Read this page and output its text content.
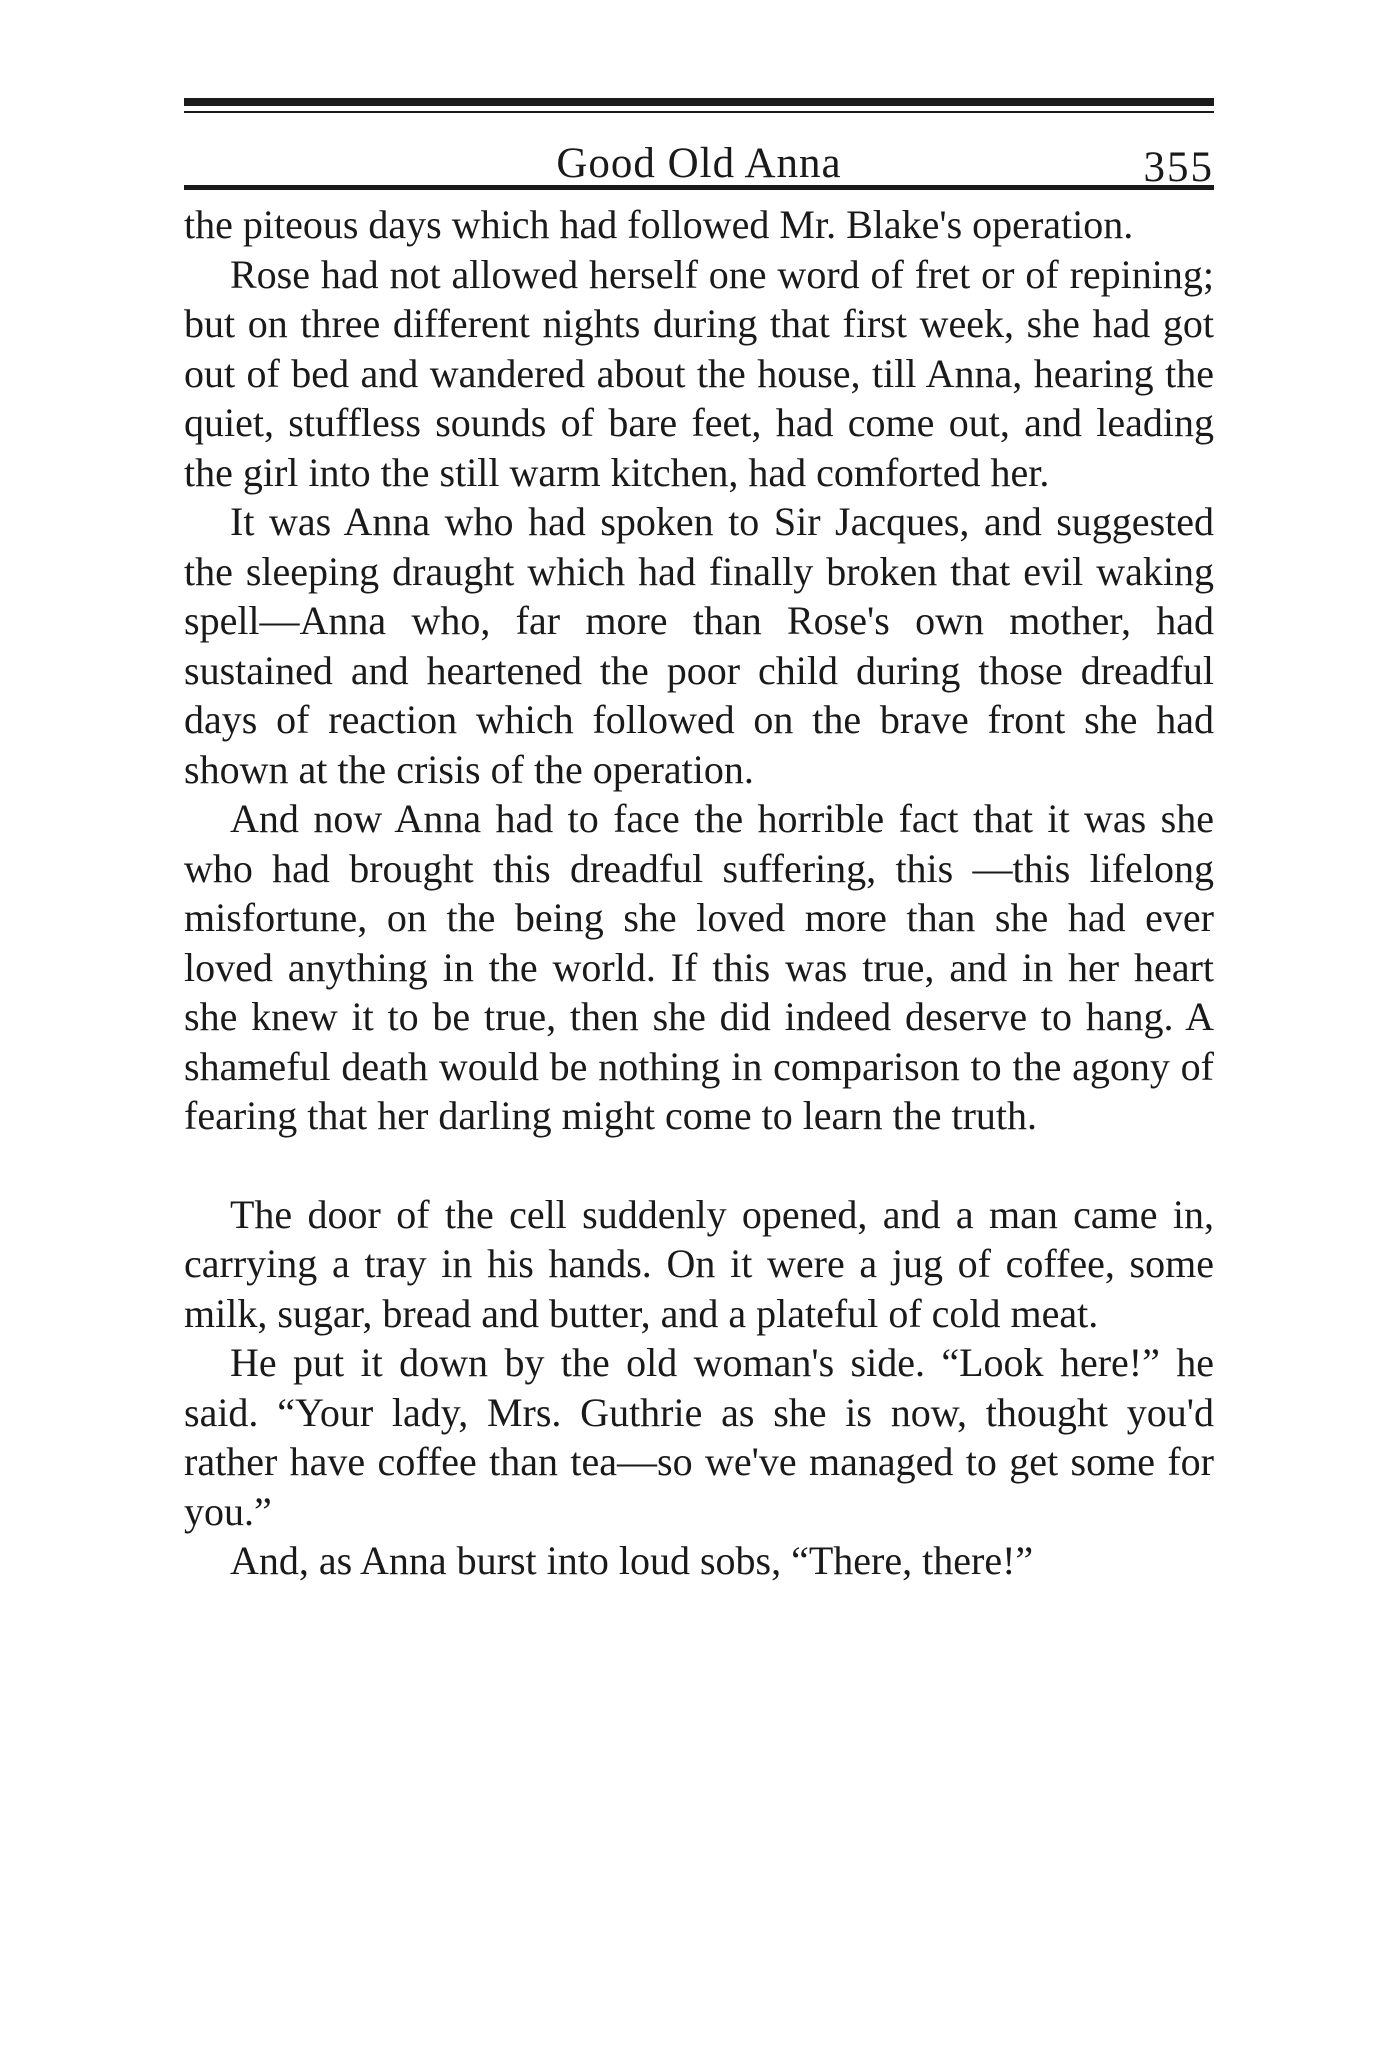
Good Old Anna	355

the piteous days which had followed Mr. Blake's operation.

Rose had not allowed herself one word of fret or of repining; but on three different nights during that first week, she had got out of bed and wandered about the house, till Anna, hearing the quiet, stuffless sounds of bare feet, had come out, and leading the girl into the still warm kitchen, had comforted her.

It was Anna who had spoken to Sir Jacques, and suggested the sleeping draught which had finally broken that evil waking spell—Anna who, far more than Rose's own mother, had sustained and heartened the poor child during those dreadful days of reaction which followed on the brave front she had shown at the crisis of the operation.

And now Anna had to face the horrible fact that it was she who had brought this dreadful suffering, this —this lifelong misfortune, on the being she loved more than she had ever loved anything in the world. If this was true, and in her heart she knew it to be true, then she did indeed deserve to hang. A shameful death would be nothing in comparison to the agony of fearing that her darling might come to learn the truth.

The door of the cell suddenly opened, and a man came in, carrying a tray in his hands. On it were a jug of coffee, some milk, sugar, bread and butter, and a plateful of cold meat.

He put it down by the old woman's side. “Look here!” he said. “Your lady, Mrs. Guthrie as she is now, thought you'd rather have coffee than tea—so we've managed to get some for you.”

And, as Anna burst into loud sobs, “There, there!”
